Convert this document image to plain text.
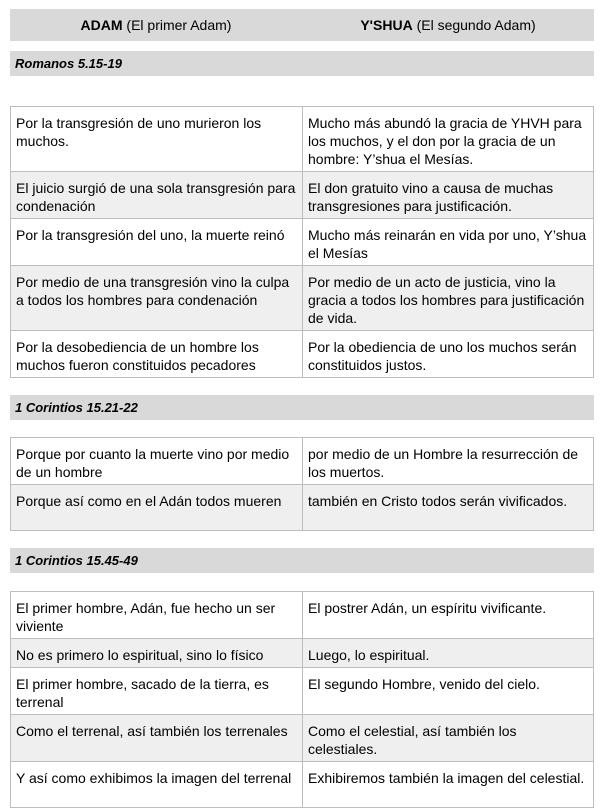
ADAM (El primer Adam)	Y'SHUA (El segundo Adam)
Romanos 5.15-19
Por la transgresión de uno murieron los muchos.	Mucho más abundó la gracia de YHVH para los muchos, y el don por la gracia de un hombre: Y’shua el Mesías.
El juicio surgió de una sola transgresión para condenación	El don gratuito vino a causa de muchas transgresiones para justificación.
Por la transgresión del uno, la muerte reinó	Mucho más reinarán en vida por uno, Y’shua el Mesías
Por medio de una transgresión vino la culpa a todos los hombres para condenación	Por medio de un acto de justicia, vino la gracia a todos los hombres para justificación de vida.
Por la desobediencia de un hombre los muchos fueron constituidos pecadores	Por la obediencia de uno los muchos serán constituidos justos.
1 Corintios 15.21-22
Porque por cuanto la muerte vino por medio de un hombre	por medio de un Hombre la resurrección de los muertos.
Porque así como en el Adán todos mueren	también en Cristo todos serán vivificados.
1 Corintios 15.45-49
El primer hombre, Adán, fue hecho un ser viviente	El postrer Adán, un espíritu vivificante.
No es primero lo espiritual, sino lo físico	Luego, lo espiritual.
El primer hombre, sacado de la tierra, es terrenal	El segundo Hombre, venido del cielo.
Como el terrenal, así también los terrenales	Como el celestial, así también los celestiales.
Y así como exhibimos la imagen del terrenal	Exhibiremos también la imagen del celestial.
